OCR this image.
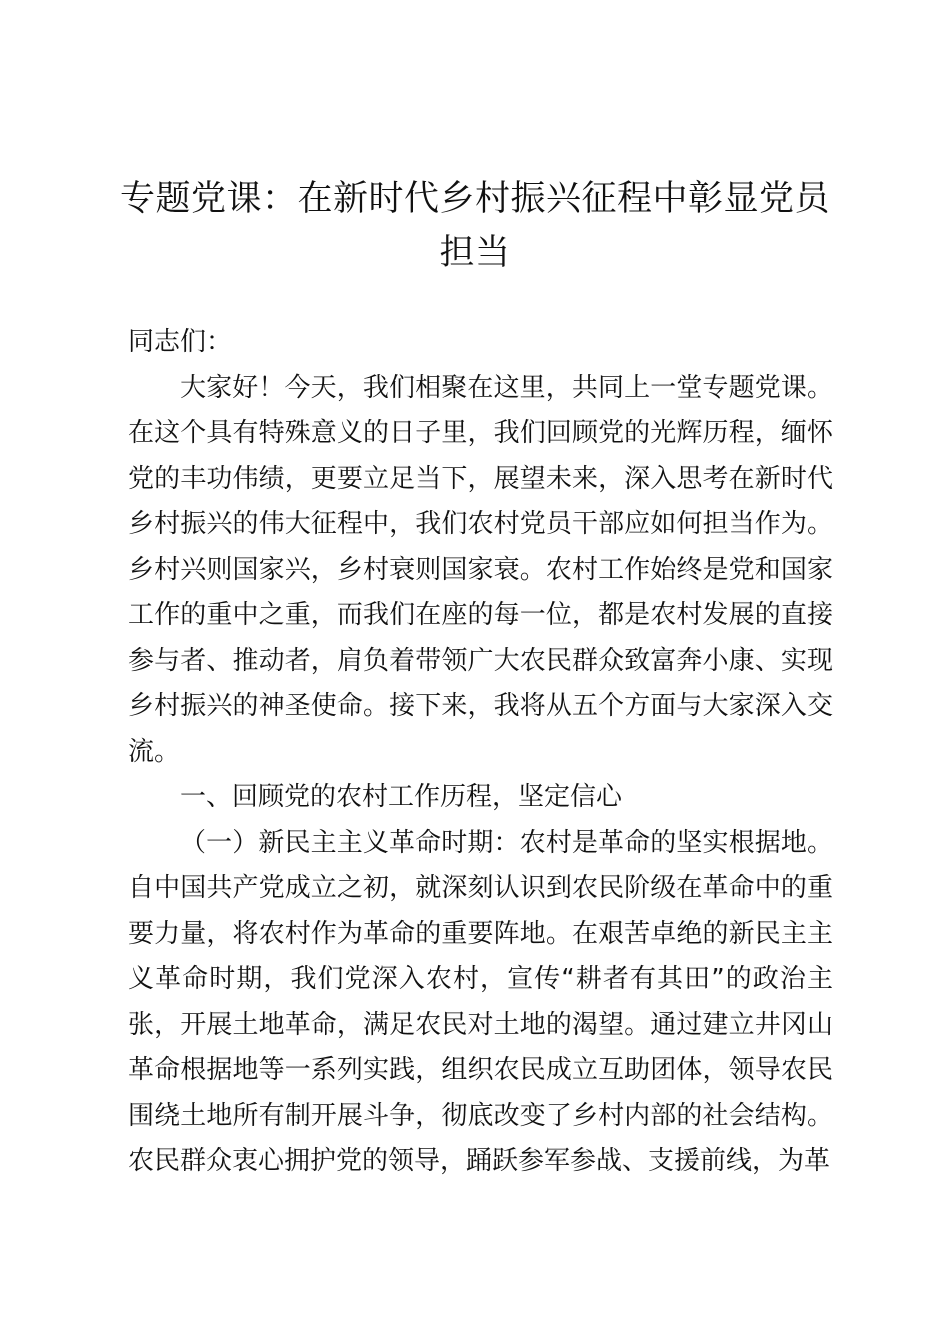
专题党课：在新时代乡村振兴征程中彰显党员担当

同志们：

大家好！今天，我们相聚在这里，共同上一堂专题党课。在这个具有特殊意义的日子里，我们回顾党的光辉历程，缅怀党的丰功伟绩，更要立足当下，展望未来，深入思考在新时代乡村振兴的伟大征程中，我们农村党员干部应如何担当作为。乡村兴则国家兴，乡村衰则国家衰。农村工作始终是党和国家工作的重中之重，而我们在座的每一位，都是农村发展的直接参与者、推动者，肩负着带领广大农民群众致富奔小康、实现乡村振兴的神圣使命。接下来，我将从五个方面与大家深入交流。

一、回顾党的农村工作历程，坚定信心

（一）新民主主义革命时期：农村是革命的坚实根据地。自中国共产党成立之初，就深刻认识到农民阶级在革命中的重要力量，将农村作为革命的重要阵地。在艰苦卓绝的新民主主义革命时期，我们党深入农村，宣传“耕者有其田”的政治主张，开展土地革命，满足农民对土地的渴望。通过建立井冈山革命根据地等一系列实践，组织农民成立互助团体，领导农民围绕土地所有制开展斗争，彻底改变了乡村内部的社会结构。农民群众衷心拥护党的领导，踊跃参军参战、支援前线，为革
